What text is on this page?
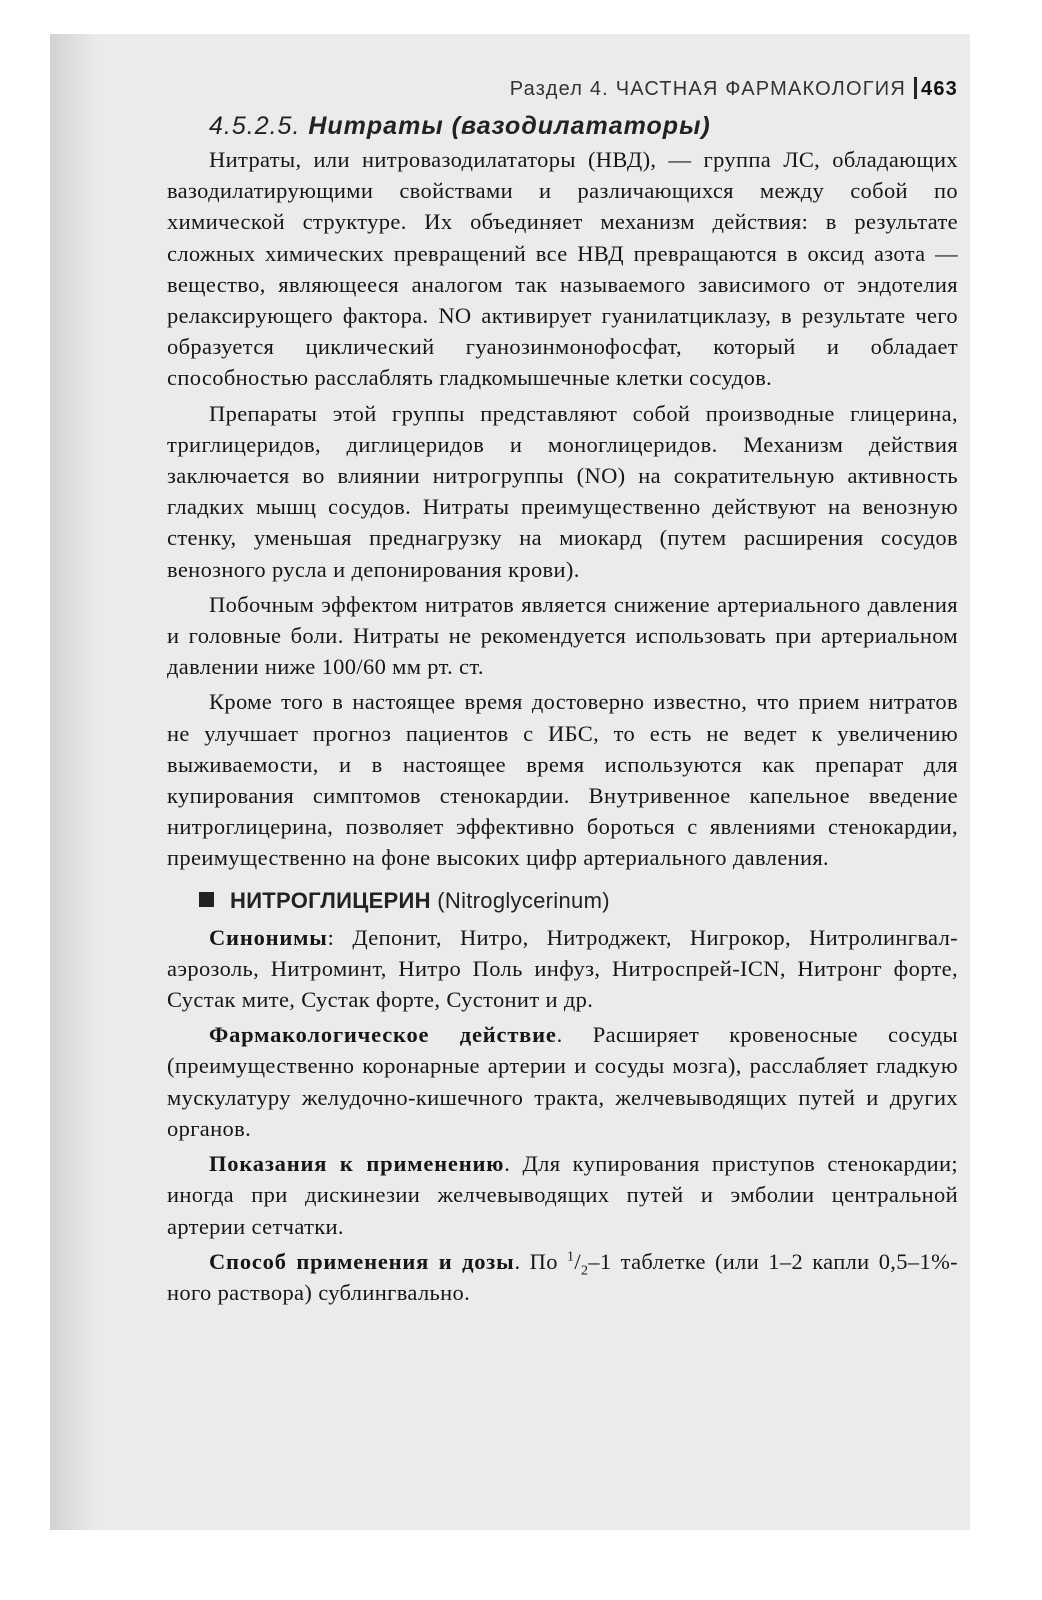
Раздел 4. ЧАСТНАЯ ФАРМАКОЛОГИЯ 463
4.5.2.5. Нитраты (вазодилататоры)

Нитраты, или нитровазодилататоры (НВД), — группа ЛС, обладающих вазодилатирующими свойствами и различающихся между собой по химической структуре. Их объединяет механизм действия: в результате сложных химических превращений все НВД превращаются в оксид азота — вещество, являющееся аналогом так называемого зависимого от эндотелия релаксирующего фактора. NO активирует гуанилатциклазу, в результате чего образуется циклический гуанозинмонофосфат, который и обладает способностью расслаблять гладкомышечные клетки сосудов.

Препараты этой группы представляют собой производные глицерина, триглицеридов, диглицеридов и моноглицеридов. Механизм действия заключается во влиянии нитрогруппы (NO) на сократительную активность гладких мышц сосудов. Нитраты преимущественно действуют на венозную стенку, уменьшая преднагрузку на миокард (путем расширения сосудов венозного русла и депонирования крови).

Побочным эффектом нитратов является снижение артериального давления и головные боли. Нитраты не рекомендуется использовать при артериальном давлении ниже 100/60 мм рт. ст.

Кроме того в настоящее время достоверно известно, что прием нитратов не улучшает прогноз пациентов с ИБС, то есть не ведет к увеличению выживаемости, и в настоящее время используются как препарат для купирования симптомов стенокардии. Внутривенное капельное введение нитроглицерина, позволяет эффективно бороться с явлениями стенокардии, преимущественно на фоне высоких цифр артериального давления.

НИТРОГЛИЦЕРИН (Nitroglycerinum)

Синонимы: Депонит, Нитро, Нитроджект, Нигрокор, Нитролингвал-аэрозоль, Нитроминт, Нитро Поль инфуз, Нитроспрей-ICN, Нитронг форте, Сустак мите, Сустак форте, Сустонит и др.

Фармакологическое действие. Расширяет кровеносные сосуды (преимущественно коронарные артерии и сосуды мозга), расслабляет гладкую мускулатуру желудочно-кишечного тракта, желчевыводящих путей и других органов.

Показания к применению. Для купирования приступов стенокардии; иногда при дискинезии желчевыводящих путей и эмболии центральной артерии сетчатки.

Способ применения и дозы. По $^1/_2-1$ таблетке (или 1–2 капли 0,5–1%-ного раствора) сублингвально.
